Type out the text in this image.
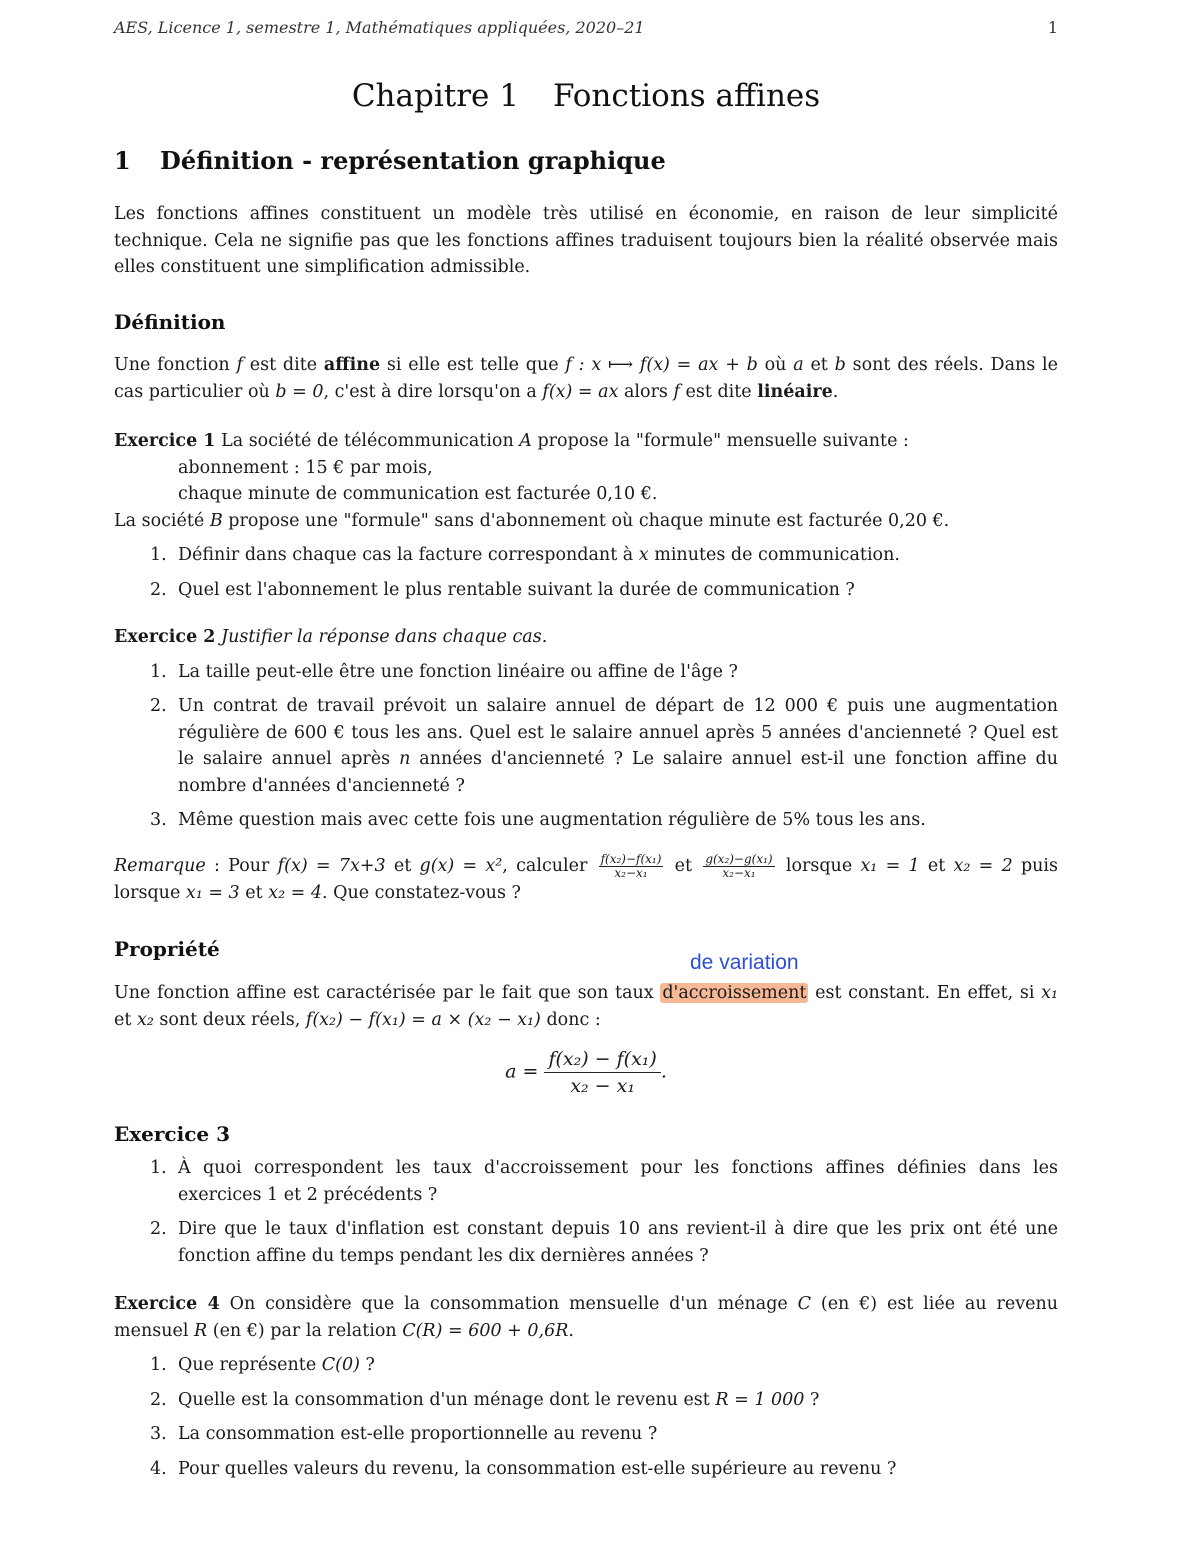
AES, Licence 1, semestre 1, Mathématiques appliquées, 2020–21	1
Chapitre 1 Fonctions affines
1 Définition - représentation graphique
Les fonctions affines constituent un modèle très utilisé en économie, en raison de leur simplicité technique. Cela ne signifie pas que les fonctions affines traduisent toujours bien la réalité observée mais elles constituent une simplification admissible.
Définition
Une fonction f est dite affine si elle est telle que f : x ⟼ f(x) = ax + b où a et b sont des réels. Dans le cas particulier où b = 0, c'est à dire lorsqu'on a f(x) = ax alors f est dite linéaire.
Exercice 1 La société de télécommunication A propose la "formule" mensuelle suivante :
abonnement : 15 € par mois,
chaque minute de communication est facturée 0,10 €.
La société B propose une "formule" sans d'abonnement où chaque minute est facturée 0,20 €.
1. Définir dans chaque cas la facture correspondant à x minutes de communication.
2. Quel est l'abonnement le plus rentable suivant la durée de communication ?
Exercice 2 Justifier la réponse dans chaque cas.
1. La taille peut-elle être une fonction linéaire ou affine de l'âge ?
2. Un contrat de travail prévoit un salaire annuel de départ de 12 000 € puis une augmentation régulière de 600 € tous les ans. Quel est le salaire annuel après 5 années d'ancienneté ? Quel est le salaire annuel après n années d'ancienneté ? Le salaire annuel est-il une fonction affine du nombre d'années d'ancienneté ?
3. Même question mais avec cette fois une augmentation régulière de 5% tous les ans.
Remarque : Pour f(x) = 7x+3 et g(x) = x², calculer $\frac{\text{f(x₂)−f(x₁)}}{\text{x₂−x₁}}$ et $\frac{\text{g(x₂)−g(x₁)}}{\text{x₂−x₁}}$ lorsque x₁ = 1 et x₂ = 2 puis lorsque x₁ = 3 et x₂ = 4. Que constatez-vous ?
Propriété
Une fonction affine est caractérisée par le fait que son taux d'accroissement est constant. En effet, si x₁ et x₂ sont deux réels, f(x₂) − f(x₁) = a × (x₂ − x₁) donc :
$a = \frac{\text{f(x₂) − f(x₁)}}{\text{x₂ − x₁}}$ .
Exercice 3
1. À quoi correspondent les taux d'accroissement pour les fonctions affines définies dans les exercices 1 et 2 précédents ?
2. Dire que le taux d'inflation est constant depuis 10 ans revient-il à dire que les prix ont été une fonction affine du temps pendant les dix dernières années ?
Exercice 4 On considère que la consommation mensuelle d'un ménage C (en €) est liée au revenu mensuel R (en €) par la relation C(R) = 600 + 0,6R.
1. Que représente C(0) ?
2. Quelle est la consommation d'un ménage dont le revenu est R = 1 000 ?
3. La consommation est-elle proportionnelle au revenu ?
4. Pour quelles valeurs du revenu, la consommation est-elle supérieure au revenu ?
de variation
